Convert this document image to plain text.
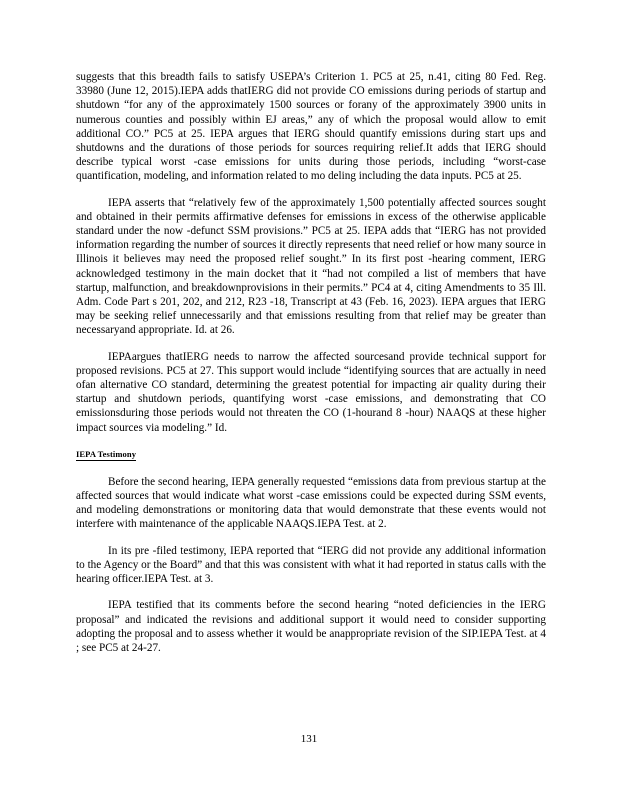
suggests that this breadth fails to satisfy USEPA’s Criterion 1. PC5 at 25, n.41, citing 80 Fed. Reg. 33980 (June 12, 2015).IEPA adds thatIERG did not provide CO emissions during periods of startup and shutdown “for any of the approximately 1500 sources or forany of the approximately 3900 units in numerous counties and possibly within EJ areas,” any of which the proposal would allow to emit additional CO.” PC5 at 25. IEPA argues that IERG should quantify emissions during start ups and shutdowns and the durations of those periods for sources requiring relief.It adds that IERG should describe typical worst -case emissions for units during those periods, including “worst-case quantification, modeling, and information related to mo deling including the data inputs. PC5 at 25.

IEPA asserts that “relatively few of the approximately 1,500 potentially affected sources sought and obtained in their permits affirmative defenses for emissions in excess of the otherwise applicable standard under the now -defunct SSM provisions.” PC5 at 25. IEPA adds that “IERG has not provided information regarding the number of sources it directly represents that need relief or how many source in Illinois it believes may need the proposed relief sought.” In its first post -hearing comment, IERG acknowledged testimony in the main docket that it “had not compiled a list of members that have startup, malfunction, and breakdownprovisions in their permits.” PC4 at 4, citing Amendments to 35 Ill. Adm. Code Part s 201, 202, and 212, R23 -18, Transcript at 43 (Feb. 16, 2023). IEPA argues that IERG may be seeking relief unnecessarily and that emissions resulting from that relief may be greater than necessaryand appropriate. Id. at 26.

IEPAargues thatIERG needs to narrow the affected sourcesand provide technical support for proposed revisions. PC5 at 27. This support would include “identifying sources that are actually in need ofan alternative CO standard, determining the greatest potential for impacting air quality during their startup and shutdown periods, quantifying worst -case emissions, and demonstrating that CO emissionsduring those periods would not threaten the CO (1-hourand 8 -hour) NAAQS at these higher impact sources via modeling.” Id.

IEPA Testimony

Before the second hearing, IEPA generally requested “emissions data from previous startup at the affected sources that would indicate what worst -case emissions could be expected during SSM events, and modeling demonstrations or monitoring data that would demonstrate that these events would not interfere with maintenance of the applicable NAAQS.IEPA Test. at 2.

In its pre -filed testimony, IEPA reported that “IERG did not provide any additional information to the Agency or the Board” and that this was consistent with what it had reported in status calls with the hearing officer.IEPA Test. at 3.

IEPA testified that its comments before the second hearing “noted deficiencies in the IERG proposal” and indicated the revisions and additional support it would need to consider supporting adopting the proposal and to assess whether it would be anappropriate revision of the SIP.IEPA Test. at 4 ; see PC5 at 24-27.

131
